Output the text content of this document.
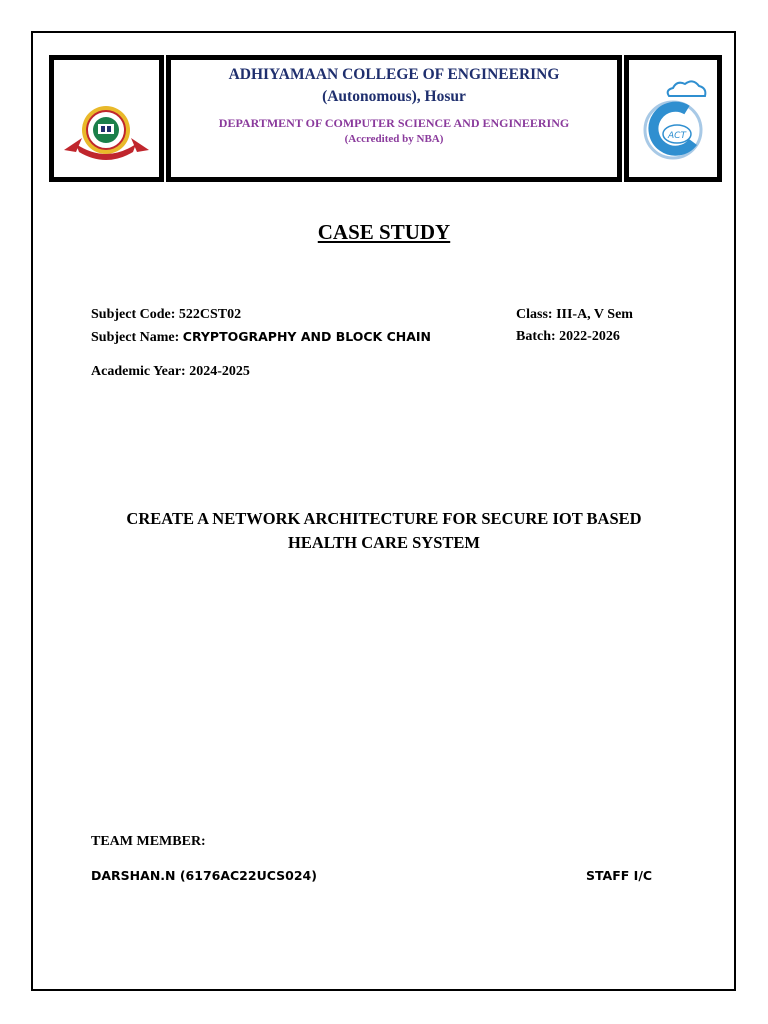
ADHIYAMAAN COLLEGE OF ENGINEERING
(Autonomous), Hosur
DEPARTMENT OF COMPUTER SCIENCE AND ENGINEERING
(Accredited by NBA)	ACT
CASE STUDY
Subject Code: 522CST02
Subject Name: CRYPTOGRAPHY AND BLOCK CHAIN
Class: III-A, V Sem
Batch: 2022-2026
Academic Year: 2024-2025
CREATE A NETWORK ARCHITECTURE FOR SECURE IOT BASED
HEALTH CARE SYSTEM
TEAM MEMBER:
DARSHAN.N (6176AC22UCS024)	STAFF I/C
